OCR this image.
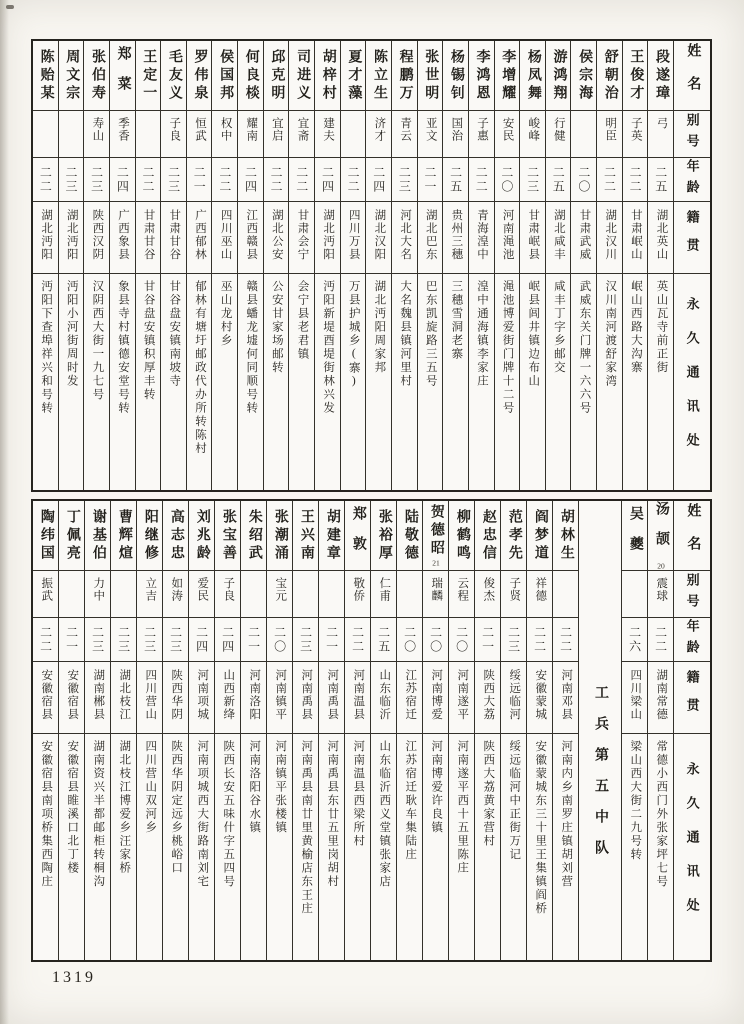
姓名
别号
年龄
籍贯
永久通讯处
段遂璋
弓
二五
湖北英山
英山瓦寺前正街
王俊才
子英
二二
甘肃岷山
岷山西路大沟寨
舒朝治
明臣
二二
湖北汉川
汉川南河渡舒家湾
侯宗海
二〇
甘肃武威
武威东关门牌一六六号
游鸿翔
行健
二五
湖北咸丰
咸丰丁字乡邮交
杨凤舞
峻峰
二三
甘肃岷县
岷县闾井镇边布山
李增耀
安民
二〇
河南渑池
渑池博爱街门牌十二号
李鸿恩
子惠
二二
青海湟中
湟中通海镇李家庄
杨锡钊
国治
二五
贵州三穗
三穗雪洞老寨
张世明
亚文
二一
湖北巴东
巴东凯旋路三五号
程鹏万
青云
二三
河北大名
大名魏县镇河里村
陈立生
济才
二四
湖北汉阳
湖北沔阳周家邦
夏才藻
二二
四川万县
万县护城乡(寨)
胡梓村
建夫
二四
湖北沔阳
沔阳新堤酉堤街林兴发
司进义
宜斋
二二
甘肃会宁
会宁县老君镇
邱克明
宜启
二二
湖北公安
公安甘家场邮转
何良棪
耀南
二四
江西赣县
赣县蟠龙墟何同顺号转
侯国邦
权中
二二
四川巫山
巫山龙村乡
罗伟泉
恒武
二一
广西郁林
郁林有塘圩邮政代办所转陈村
毛友义
子良
二三
甘肃甘谷
甘谷盘安镇南坡寺
王定一
二二
甘肃甘谷
甘谷盘安镇积厚丰转
郑菜
季香
二四
广西象县
象县寺村镇德安堂号转
张伯寿
寿山
二三
陕西汉阴
汉阴西大街一九七号
周文宗
二三
湖北沔阳
沔阳小河街周时发
陈贻某
二二
湖北沔阳
沔阳下查埠祥兴和号转
姓名
别号
年龄
籍贯
永久通讯处
汤颉
20
震球
二二
湖南常德
常德小西门外张家坪七号
吴夔
二六
四川梁山
梁山西大街二九号转
工兵第五中队
胡林生
二二
河南邓县
河南内乡南罗庄镇胡刘营
阎梦道
祥德
二二
安徽蒙城
安徽蒙城东三十里王集镇阎桥
范孝先
子贤
二三
绥远临河
绥远临河中正街万记
赵忠信
俊杰
二一
陕西大荔
陕西大荔黄家营村
柳鹤鸣
云程
二〇
河南遂平
河南遂平西十五里陈庄
贺德昭
21
瑞麟
二〇
河南博爱
河南博爱许良镇
陆敬德
二〇
江苏宿迁
江苏宿迁耿车集陆庄
张裕厚
仁甫
二五
山东临沂
山东临沂西义堂镇张家店
郑敦
敬侨
二二
河南温县
河南温县西梁所村
胡建章
二一
河南禹县
河南禹县东廿五里岗胡村
王兴南
二三
河南禹县
河南禹县南廿里黄榆店东王庄
张潮涌
宝元
二〇
河南镇平
河南镇平张楼镇
朱绍武
二一
河南洛阳
河南洛阳谷水镇
张宝善
子良
二四
山西新绛
陕西长安五味什字五四号
刘兆龄
爱民
二四
河南项城
河南项城西大街路南刘宅
高志忠
如涛
二三
陕西华阴
陕西华阴定远乡桃峪口
阳继修
立吉
二三
四川营山
四川营山双河乡
曹辉煊
二三
湖北枝江
湖北枝江博爱乡汪家桥
谢基伯
力中
二三
湖南郴县
湖南资兴半都邮柜转桐沟
丁佩亮
二一
安徽宿县
安徽宿县睢溪口北丁楼
陶纬国
振武
二二
安徽宿县
安徽宿县南项桥集西陶庄
1319
